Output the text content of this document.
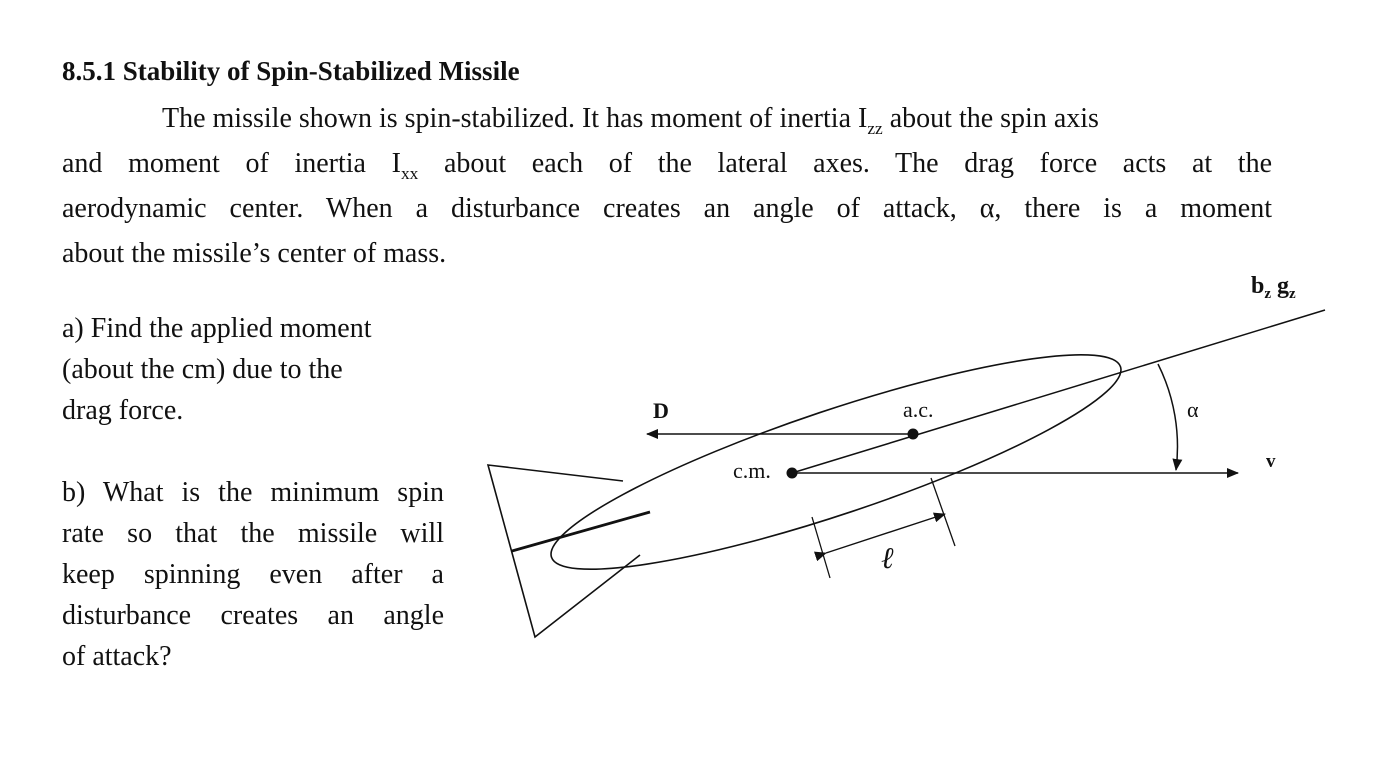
8.5.1 Stability of Spin-Stabilized Missile
The missile shown is spin-stabilized. It has moment of inertia $I_{zz}$ about the spin axis
and moment of inertia $I_{xx}$ about each of the lateral axes. The drag force acts at the
aerodynamic center. When a disturbance creates an angle of attack, α, there is a moment
about the missile’s center of mass.
a) Find the applied moment
(about the cm) due to the
drag force.
b) What is the minimum spin
rate so that the missile will
keep spinning even after a
disturbance creates an angle
of attack?
$b_z$ $g_z$
D	a.c.
c.m.
α
v
ℓ
